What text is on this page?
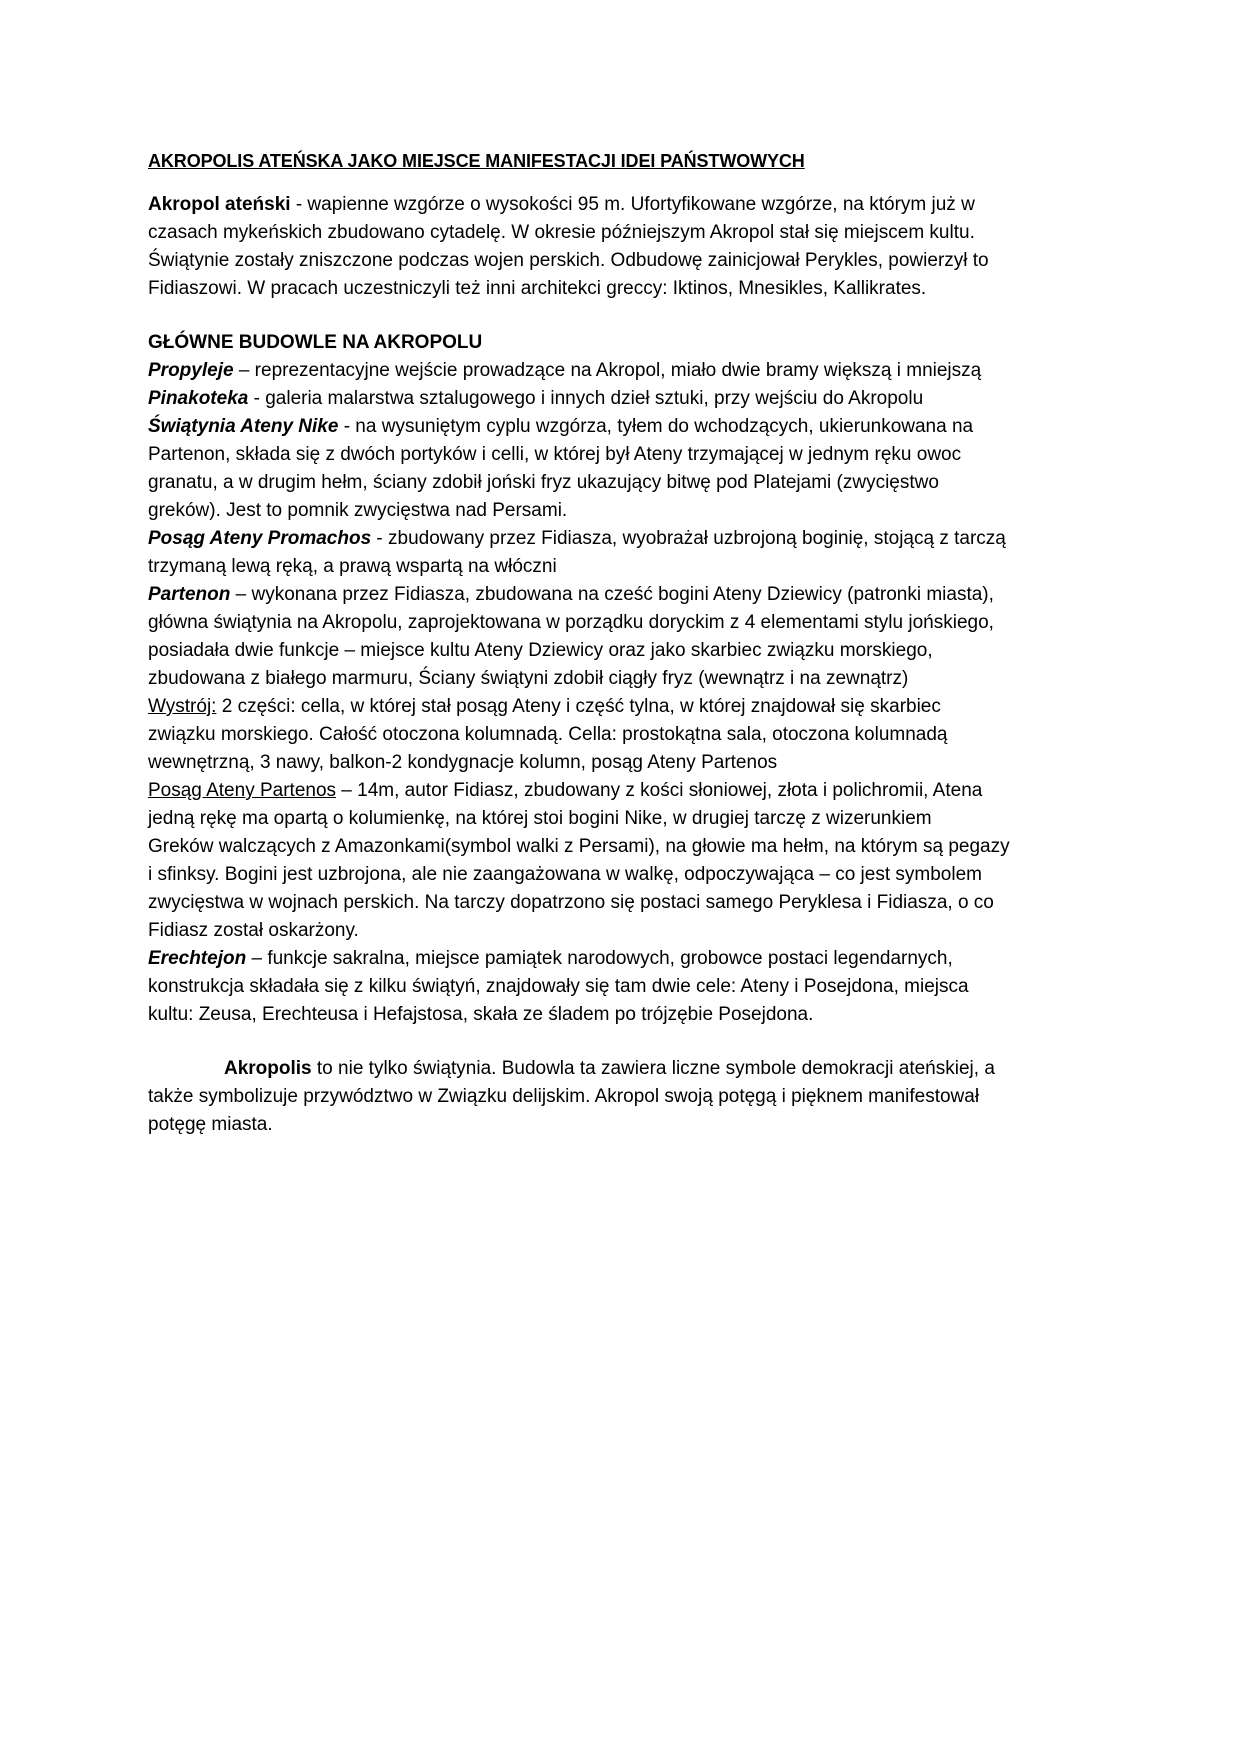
AKROPOLIS ATEŃSKA JAKO MIEJSCE MANIFESTACJI IDEI PAŃSTWOWYCH

Akropol ateński - wapienne wzgórze o wysokości 95 m. Ufortyfikowane wzgórze, na którym już w
czasach mykeńskich zbudowano cytadelę. W okresie późniejszym Akropol stał się miejscem kultu.
Świątynie zostały zniszczone podczas wojen perskich. Odbudowę zainicjował Perykles, powierzył to
Fidiaszowi. W pracach uczestniczyli też inni architekci greccy: Iktinos, Mnesikles, Kallikrates.

GŁÓWNE BUDOWLE NA AKROPOLU

Propyleje – reprezentacyjne wejście prowadzące na Akropol, miało dwie bramy większą i mniejszą

Pinakoteka - galeria malarstwa sztalugowego i innych dzieł sztuki, przy wejściu do Akropolu

Świątynia Ateny Nike - na wysuniętym cyplu wzgórza, tyłem do wchodzących, ukierunkowana na
Partenon, składa się z dwóch portyków i celli, w której był Ateny trzymającej w jednym ręku owoc
granatu, a w drugim hełm, ściany zdobił joński fryz ukazujący bitwę pod Platejami (zwycięstwo
greków). Jest to pomnik zwycięstwa nad Persami.

Posąg Ateny Promachos - zbudowany przez Fidiasza, wyobrażał uzbrojoną boginię, stojącą z tarczą
trzymaną lewą ręką, a prawą wspartą na włóczni

Partenon – wykonana przez Fidiasza, zbudowana na cześć bogini Ateny Dziewicy (patronki miasta),
główna świątynia na Akropolu, zaprojektowana w porządku doryckim z 4 elementami stylu jońskiego,
posiadała dwie funkcje – miejsce kultu Ateny Dziewicy oraz jako skarbiec związku morskiego,
zbudowana z białego marmuru, Ściany świątyni zdobił ciągły fryz (wewnątrz i na zewnątrz)

Wystrój: 2 części: cella, w której stał posąg Ateny i część tylna, w której znajdował się skarbiec
związku morskiego. Całość otoczona kolumnadą. Cella: prostokątna sala, otoczona kolumnadą
wewnętrzną, 3 nawy, balkon-2 kondygnacje kolumn, posąg Ateny Partenos

Posąg Ateny Partenos – 14m, autor Fidiasz, zbudowany z kości słoniowej, złota i polichromii, Atena
jedną rękę ma opartą o kolumienkę, na której stoi bogini Nike, w drugiej tarczę z wizerunkiem
Greków walczących z Amazonkami(symbol walki z Persami), na głowie ma hełm, na którym są pegazy
i sfinksy. Bogini jest uzbrojona, ale nie zaangażowana w walkę, odpoczywająca – co jest symbolem
zwycięstwa w wojnach perskich. Na tarczy dopatrzono się postaci samego Peryklesa i Fidiasza, o co
Fidiasz został oskarżony.

Erechtejon – funkcje sakralna, miejsce pamiątek narodowych, grobowce postaci legendarnych,
konstrukcja składała się z kilku świątyń, znajdowały się tam dwie cele: Ateny i Posejdona, miejsca
kultu: Zeusa, Erechteusa i Hefajstosa, skała ze śladem po trójzębie Posejdona.

Akropolis to nie tylko świątynia. Budowla ta zawiera liczne symbole demokracji ateńskiej, a
także symbolizuje przywództwo w Związku delijskim. Akropol swoją potęgą i pięknem manifestował
potęgę miasta.
